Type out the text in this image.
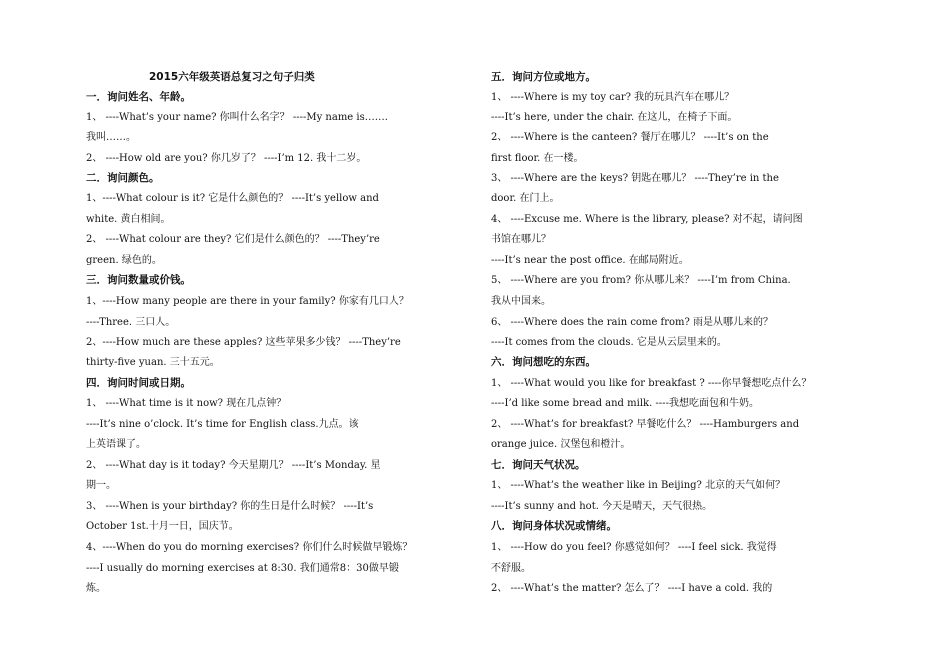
2015六年级英语总复习之句子归类
一．询问姓名、年龄。
1、 ----What’s your name? 你叫什么名字？ ----My name is…….
我叫……。
2、 ----How old are you? 你几岁了？ ----I’m 12. 我十二岁。
二．询问颜色。
1、----What colour is it? 它是什么颜色的？ ----It’s yellow and
white. 黄白相间。
2、 ----What colour are they? 它们是什么颜色的？ ----They’re
green. 绿色的。
三．询问数量或价钱。
1、----How many people are there in your family? 你家有几口人？
----Three. 三口人。
2、----How much are these apples? 这些苹果多少钱？ ----They’re
thirty-five yuan. 三十五元。
四．询问时间或日期。
1、 ----What time is it now? 现在几点钟？
----It’s nine o’clock. It’s time for English class.九点。该
上英语课了。
2、 ----What day is it today? 今天星期几？ ----It’s Monday. 星
期一。
3、 ----When is your birthday? 你的生日是什么时候？ ----It’s
October 1st.十月一日，国庆节。
4、----When do you do morning exercises? 你们什么时候做早锻炼？
----I usually do morning exercises at 8:30. 我们通常8：30做早锻
炼。
五．询问方位或地方。
1、 ----Where is my toy car? 我的玩具汽车在哪儿？
----It’s here, under the chair. 在这儿，在椅子下面。
2、 ----Where is the canteen? 餐厅在哪儿？ ----It’s on the
first floor. 在一楼。
3、 ----Where are the keys? 钥匙在哪儿？ ----They’re in the
door. 在门上。
4、 ----Excuse me. Where is the library, please? 对不起，请问图
书馆在哪儿？
----It’s near the post office. 在邮局附近。
5、 ----Where are you from? 你从哪儿来？ ----I’m from China.
我从中国来。
6、 ----Where does the rain come from? 雨是从哪儿来的？
----It comes from the clouds. 它是从云层里来的。
六．询问想吃的东西。
1、 ----What would you like for breakfast ? ----你早餐想吃点什么？
----I’d like some bread and milk. ----我想吃面包和牛奶。
2、 ----What’s for breakfast? 早餐吃什么？ ----Hamburgers and
orange juice. 汉堡包和橙汁。
七．询问天气状况。
1、 ----What’s the weather like in Beijing? 北京的天气如何？
----It’s sunny and hot. 今天是晴天，天气很热。
八．询问身体状况或情绪。
1、 ----How do you feel? 你感觉如何？ ----I feel sick. 我觉得
不舒服。
2、 ----What’s the matter? 怎么了？ ----I have a cold. 我的
